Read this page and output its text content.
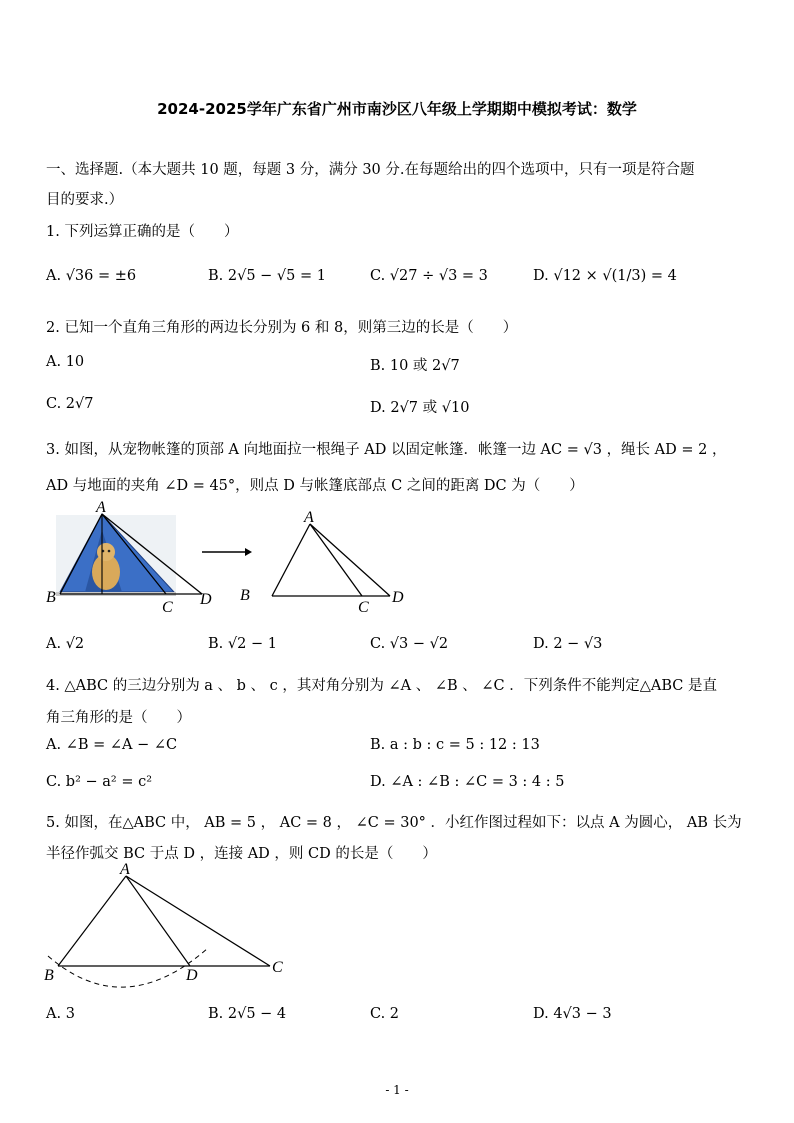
2024-2025学年广东省广州市南沙区八年级上学期期中模拟考试：数学
一、选择题.（本大题共 10 题，每题 3 分，满分 30 分.在每题给出的四个选项中，只有一项是符合题
目的要求.）
1. 下列运算正确的是（　　）
A. √36 = ±6	B. 2√5 − √5 = 1	C. √27 ÷ √3 = 3	D. √12 × √(1/3) = 4
2. 已知一个直角三角形的两边长分别为 6 和 8，则第三边的长是（　　）
A. 10	B. 10 或 2√7
C. 2√7	D. 2√7 或 √10
3. 如图，从宠物帐篷的顶部 A 向地面拉一根绳子 AD 以固定帐篷．帐篷一边 AC = √3 ，绳长 AD = 2 ，
AD 与地面的夹角 ∠D = 45°，则点 D 与帐篷底部点 C 之间的距离 DC 为（　　）
A
B
C D
A
B
C
D
A. √2	B. √2 − 1	C. √3 − √2	D. 2 − √3
4. △ABC 的三边分别为 a 、 b 、 c ，其对角分别为 ∠A 、 ∠B 、 ∠C ．下列条件不能判定△ABC 是直
角三角形的是（　　）
A. ∠B = ∠A − ∠C	B. a : b : c = 5 : 12 : 13
C. b² − a² = c²	D. ∠A : ∠B : ∠C = 3 : 4 : 5
5. 如图，在△ABC 中， AB = 5 ， AC = 8 ， ∠C = 30° ．小红作图过程如下：以点 A 为圆心， AB 长为
半径作弧交 BC 于点 D ，连接 AD ，则 CD 的长是（　　）
A
B	D	C
A. 3	B. 2√5 − 4	C. 2	D. 4√3 − 3
- 1 -
